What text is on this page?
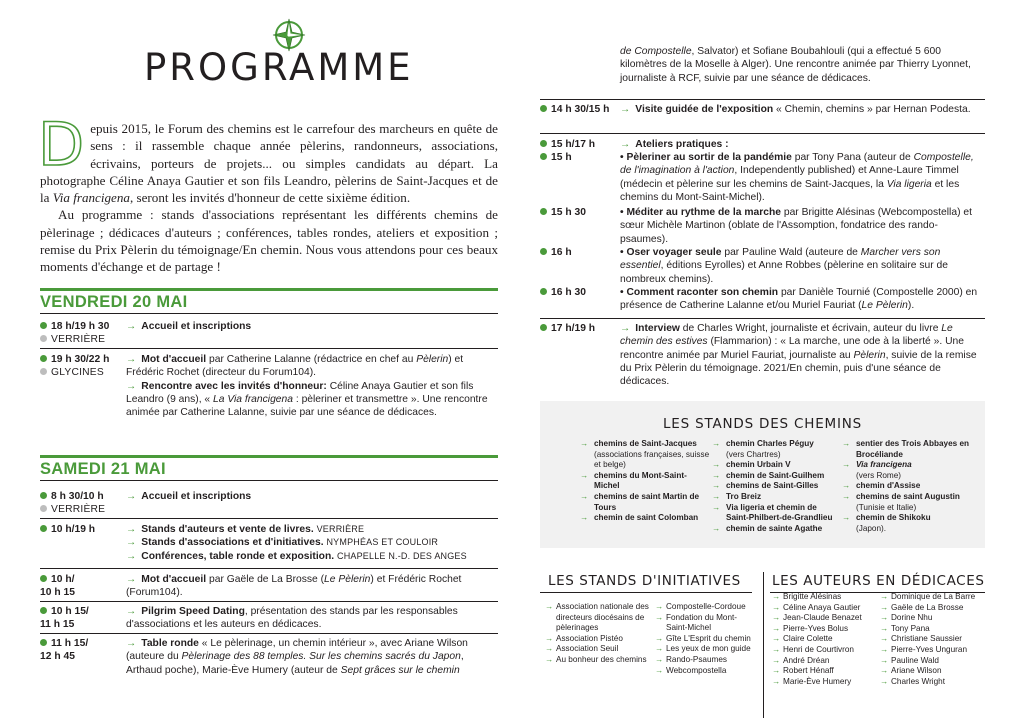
PROGRAMME

Depuis 2015, le Forum des chemins est le carrefour des marcheurs en quête de sens : il rassemble chaque année pèlerins, randonneurs, associations, écrivains, porteurs de projets... ou simples candidats au départ. La photographe Céline Anaya Gautier et son fils Leandro, pèlerins de Saint-Jacques et de la Via francigena, seront les invités d'honneur de cette sixième édition.

Au programme : stands d'associations représentant les différents chemins de pèlerinage ; dédicaces d'auteurs ; conférences, tables rondes, ateliers et exposition ; remise du Prix Pèlerin du témoignage/En chemin. Nous vous attendons pour ces beaux moments d'échange et de partage !

VENDREDI 20 MAI
18 h/19 h 30
VERRIÈRE
→ Accueil et inscriptions
19 h 30/22 h
GLYCINES
→ Mot d'accueil par Catherine Lalanne (rédactrice en chef au Pèlerin) et Frédéric Rochet (directeur du Forum104).
→ Rencontre avec les invités d'honneur: Céline Anaya Gautier et son fils Leandro (9 ans), « La Via francigena : pèleriner et transmettre ». Une rencontre animée par Catherine Lalanne, suivie par une séance de dédicaces.
SAMEDI 21 MAI
8 h 30/10 h
VERRIÈRE
→ Accueil et inscriptions
10 h/19 h	→ Stands d'auteurs et vente de livres. VERRIÈRE
→ Stands d'associations et d'initiatives. NYMPHÉAS ET COULOIR
→ Conférences, table ronde et exposition. CHAPELLE N.-D. DES ANGES
10 h/
10 h 15
→ Mot d'accueil par Gaële de La Brosse (Le Pèlerin) et Frédéric Rochet (Forum104).
10 h 15/
11 h 15
→ Pilgrim Speed Dating, présentation des stands par les responsables d'associations et les auteurs en dédicaces.
11 h 15/
12 h 45
→ Table ronde « Le pèlerinage, un chemin intérieur », avec Ariane Wilson (auteure du Pèlerinage des 88 temples. Sur les chemins sacrés du Japon, Arthaud poche), Marie-Ève Humery (auteur de Sept grâces sur le chemin
de Compostelle, Salvator) et Sofiane Boubahlouli (qui a effectué 5 600 kilomètres de la Moselle à Alger). Une rencontre animée par Thierry Lyonnet, journaliste à RCF, suivie par une séance de dédicaces.
14 h 30/15 h → Visite guidée de l'exposition « Chemin, chemins » par Hernan Podesta.
15 h/17 h	→ Ateliers pratiques :
15 h	• Pèleriner au sortir de la pandémie par Tony Pana (auteur de Compostelle, de l'imagination à l'action, Independently published) et Anne-Laure Timmel (médecin et pèlerine sur les chemins de Saint-Jacques, la Via ligeria et les chemins du Mont-Saint-Michel).
15 h 30	• Méditer au rythme de la marche par Brigitte Alésinas (Webcompostella) et sœur Michèle Martinon (oblate de l'Assomption, fondatrice des rando-psaumes).
16 h	• Oser voyager seule par Pauline Wald (auteure de Marcher vers son essentiel, éditions Eyrolles) et Anne Robbes (pèlerine en solitaire sur de nombreux chemins).
16 h 30	• Comment raconter son chemin par Danièle Tournié (Compostelle 2000) en présence de Catherine Lalanne et/ou Muriel Fauriat (Le Pèlerin).
17 h/19 h	→ Interview de Charles Wright, journaliste et écrivain, auteur du livre Le chemin des estives (Flammarion) : « La marche, une ode à la liberté ». Une rencontre animée par Muriel Fauriat, journaliste au Pèlerin, suivie de la remise du Prix Pèlerin du témoignage. 2021/En chemin, puis d'une séance de dédicaces.
LES STANDS DES CHEMINS
→ chemins de Saint-Jacques
(associations françaises, suisse et belge)
→ chemins du Mont-Saint-Michel
→ chemins de saint Martin de Tours
→ chemin de saint Colomban
→ chemin Charles Péguy
(vers Chartres)
→ chemin Urbain V
→ chemin de Saint-Guilhem
→ chemins de Saint-Gilles
→ Tro Breiz
→ Via ligeria et chemin de Saint-Philbert-de-Grandlieu
→ chemin de sainte Agathe
→ sentier des Trois Abbayes en Brocéliande
→ Via francigena
(vers Rome)
→ chemin d'Assise
→ chemins de saint Augustin
(Tunisie et Italie)
→ chemin de Shikoku
(Japon).
LES STANDS D'INITIATIVES
→ Association nationale des directeurs diocésains de pèlerinages
→ Association Pistéo
→ Association Seuil
→ Au bonheur des chemins
→ Compostelle-Cordoue
→ Fondation du Mont-Saint-Michel
→ Gîte L'Esprit du chemin
→ Les yeux de mon guide
→ Rando-Psaumes
→ Webcompostella
LES AUTEURS EN DÉDICACES
→ Brigitte Alésinas
→ Céline Anaya Gautier
→ Jean-Claude Benazet
→ Pierre-Yves Bolus
→ Claire Colette
→ Henri de Courtivron
→ André Dréan
→ Robert Hénaff
→ Marie-Ève Humery
→ Dominique de La Barre
→ Gaële de La Brosse
→ Dorine Nhu
→ Tony Pana
→ Christiane Saussier
→ Pierre-Yves Unguran
→ Pauline Wald
→ Ariane Wilson
→ Charles Wright
